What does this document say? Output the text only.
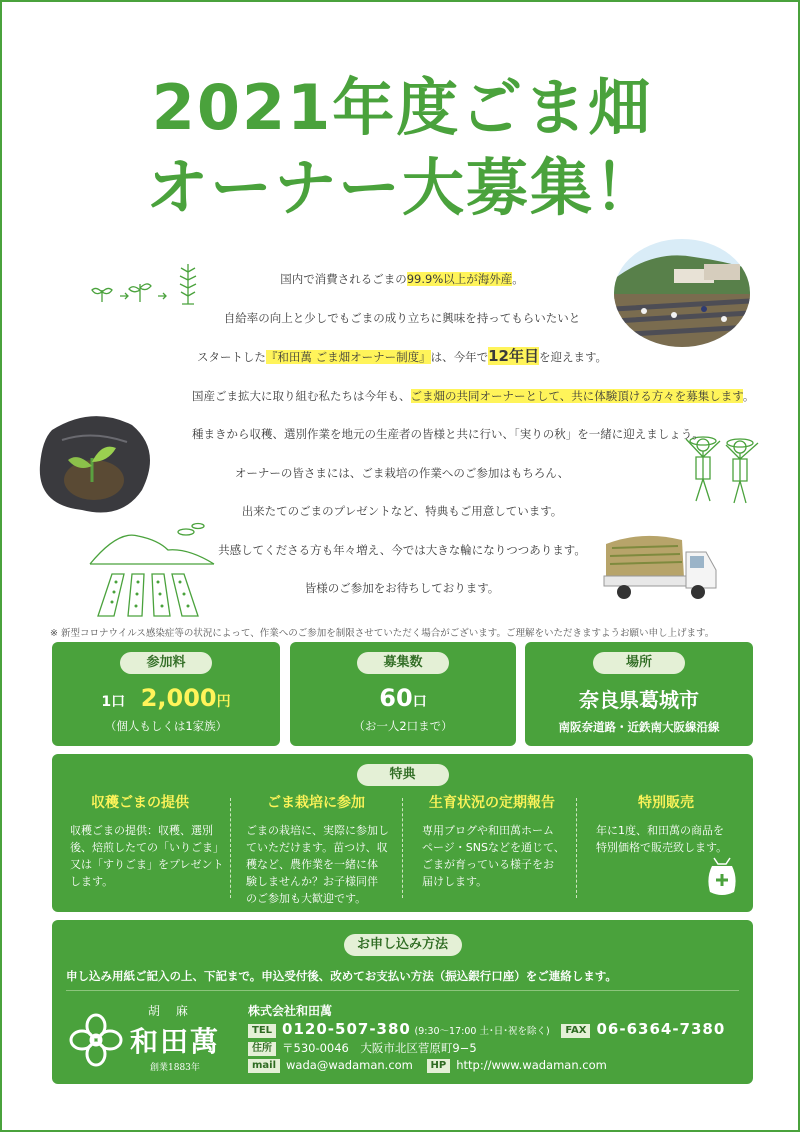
2021年度ごま畑
オーナー大募集！

国内で消費されるごまの99.9%以上が海外産。

自給率の向上と少しでもごまの成り立ちに興味を持ってもらいたいと

スタートした『和田萬 ごま畑オーナー制度』は、今年で12年目を迎えます。

国産ごま拡大に取り組む私たちは今年も、ごま畑の共同オーナーとして、共に体験頂ける方々を募集します。

種まきから収穫、選別作業を地元の生産者の皆様と共に行い、「実りの秋」を一緒に迎えましょう。

オーナーの皆さまには、ごま栽培の作業へのご参加はもちろん、

出来たてのごまのプレゼントなど、特典もご用意しています。

共感してくださる方も年々増え、今では大きな輪になりつつあります。

皆様のご参加をお待ちしております。

※ 新型コロナウイルス感染症等の状況によって、作業へのご参加を制限させていただく場合がございます。ご理解をいただきますようお願い申し上げます。
参加料
1口 2,000円
（個人もしくは1家族）
募集数
60口
（お一人2口まで）
場所
奈良県葛城市
南阪奈道路・近鉄南大阪線沿線
特典
収穫ごまの提供

収穫ごまの提供：収穫、選別
後、焙煎したての「いりごま」
又は「すりごま」をプレゼント
します。

ごま栽培に参加

ごまの栽培に、実際に参加し
ていただけます。苗つけ、収
穫など、農作業を一緒に体
験しませんか？お子様同伴
のご参加も大歓迎です。

生育状況の定期報告

専用ブログや和田萬ホーム
ページ・SNSなどを通じて、
ごまが育っている様子をお
届けします。

特別販売

年に1度、和田萬の商品を
特別価格で販売致します。

お申し込み方法
申し込み用紙ご記入の上、下記まで。申込受付後、改めてお支払い方法（振込銀行口座）をご連絡します。
胡 麻
和田萬
創業1883年
株式会社和田萬
TEL 0120-507-380 (9:30〜17:00 土･日･祝を除く) FAX 06-6364-7380
住所 〒530-0046　大阪市北区菅原町9−5
mail wada@wadaman.com HP http://www.wadaman.com
